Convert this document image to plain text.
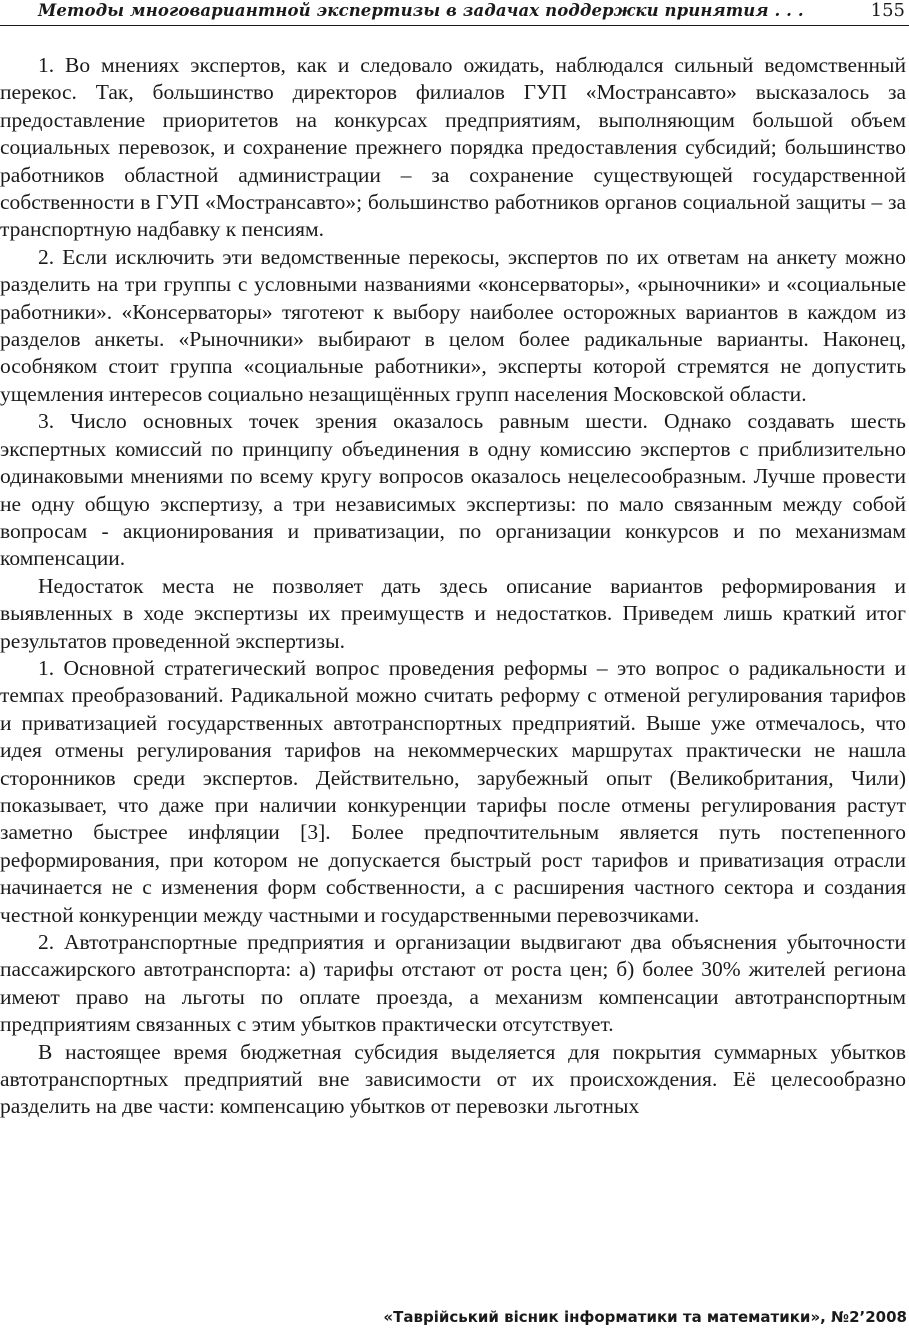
Методы многовариантной экспертизы в задачах поддержки принятия . . .	155

1. Во мнениях экспертов, как и следовало ожидать, наблюдался сильный ведомственный перекос. Так, большинство директоров филиалов ГУП «Мострансавто» высказалось за предоставление приоритетов на конкурсах предприятиям, выполняющим большой объем социальных перевозок, и сохранение прежнего порядка предоставления субсидий; большинство работников областной администрации – за сохранение существующей государственной собственности в ГУП «Мострансавто»; большинство работников органов социальной защиты – за транспортную надбавку к пенсиям.

2. Если исключить эти ведомственные перекосы, экспертов по их ответам на анкету можно разделить на три группы с условными названиями «консерваторы», «рыночники» и «социальные работники». «Консерваторы» тяготеют к выбору наиболее осторожных вариантов в каждом из разделов анкеты. «Рыночники» выбирают в целом более радикальные варианты. Наконец, особняком стоит группа «социальные работники», эксперты которой стремятся не допустить ущемления интересов социально незащищённых групп населения Московской области.

3. Число основных точек зрения оказалось равным шести. Однако создавать шесть экспертных комиссий по принципу объединения в одну комиссию экспертов с приблизительно одинаковыми мнениями по всему кругу вопросов оказалось нецелесообразным. Лучше провести не одну общую экспертизу, а три независимых экспертизы: по мало связанным между собой вопросам - акционирования и приватизации, по организации конкурсов и по механизмам компенсации.

Недостаток места не позволяет дать здесь описание вариантов реформирования и выявленных в ходе экспертизы их преимуществ и недостатков. Приведем лишь краткий итог результатов проведенной экспертизы.

1. Основной стратегический вопрос проведения реформы – это вопрос о радикальности и темпах преобразований. Радикальной можно считать реформу с отменой регулирования тарифов и приватизацией государственных автотранспортных предприятий. Выше уже отмечалось, что идея отмены регулирования тарифов на некоммерческих маршрутах практически не нашла сторонников среди экспертов. Действительно, зарубежный опыт (Великобритания, Чили) показывает, что даже при наличии конкуренции тарифы после отмены регулирования растут заметно быстрее инфляции [3]. Более предпочтительным является путь постепенного реформирования, при котором не допускается быстрый рост тарифов и приватизация отрасли начинается не с изменения форм собственности, а с расширения частного сектора и создания честной конкуренции между частными и государственными перевозчиками.

2. Автотранспортные предприятия и организации выдвигают два объяснения убыточности пассажирского автотранспорта: а) тарифы отстают от роста цен; б) более 30% жителей региона имеют право на льготы по оплате проезда, а механизм компенсации автотранспортным предприятиям связанных с этим убытков практически отсутствует.

В настоящее время бюджетная субсидия выделяется для покрытия суммарных убытков автотранспортных предприятий вне зависимости от их происхождения. Её целесообразно разделить на две части: компенсацию убытков от перевозки льготных

«Таврійський вісник інформатики та математики», №2’2008
